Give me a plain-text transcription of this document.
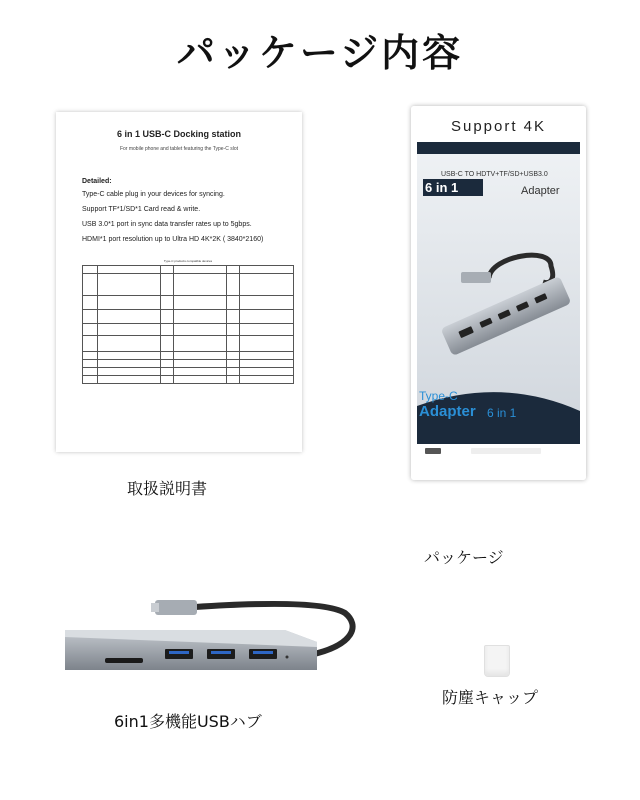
パッケージ内容
6 in 1 USB-C Docking station
For mobile phone and tablet featuring the Type-C slot
Detailed:
Type-C cable plug in your devices for syncing.
Support TF*1/SD*1 Card read & write.
USB 3.0*1 port in sync data transfer rates up to 5gbps.
HDMI*1 port resolution up to Ultra HD 4K*2K ( 3840*2160)
Type-C products compatible devices

取扱説明書
Support 4K
USB-C TO HDTV+TF/SD+USB3.0
6 in 1	Adapter
Type-C
Adapter 6 in 1
パッケージ
6in1多機能USBハブ
防塵キャップ
